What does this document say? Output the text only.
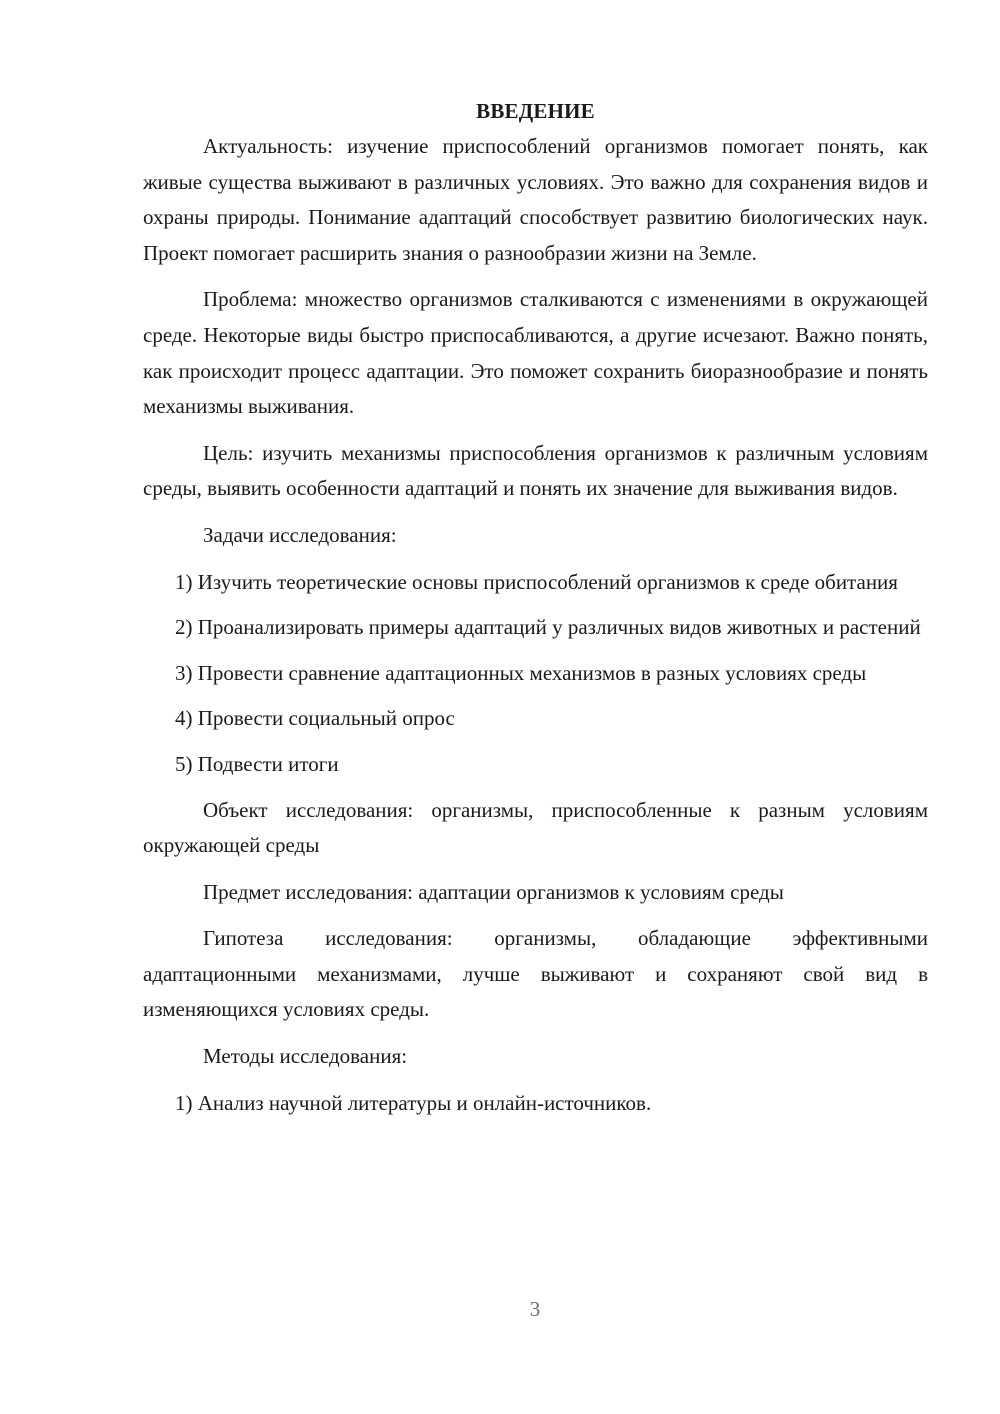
ВВЕДЕНИЕ

Актуальность: изучение приспособлений организмов помогает понять, как живые существа выживают в различных условиях. Это важно для сохранения видов и охраны природы. Понимание адаптаций способствует развитию биологических наук. Проект помогает расширить знания о разнообразии жизни на Земле.

Проблема: множество организмов сталкиваются с изменениями в окружающей среде. Некоторые виды быстро приспосабливаются, а другие исчезают. Важно понять, как происходит процесс адаптации. Это поможет сохранить биоразнообразие и понять механизмы выживания.

Цель: изучить механизмы приспособления организмов к различным условиям среды, выявить особенности адаптаций и понять их значение для выживания видов.

Задачи исследования:

1) Изучить теоретические основы приспособлений организмов к среде обитания

2) Проанализировать примеры адаптаций у различных видов животных и растений

3) Провести сравнение адаптационных механизмов в разных условиях среды

4) Провести социальный опрос

5) Подвести итоги

Объект исследования: организмы, приспособленные к разным условиям окружающей среды

Предмет исследования: адаптации организмов к условиям среды

Гипотеза исследования: организмы, обладающие эффективными адаптационными механизмами, лучше выживают и сохраняют свой вид в изменяющихся условиях среды.

Методы исследования:

1) Анализ научной литературы и онлайн-источников.

3
